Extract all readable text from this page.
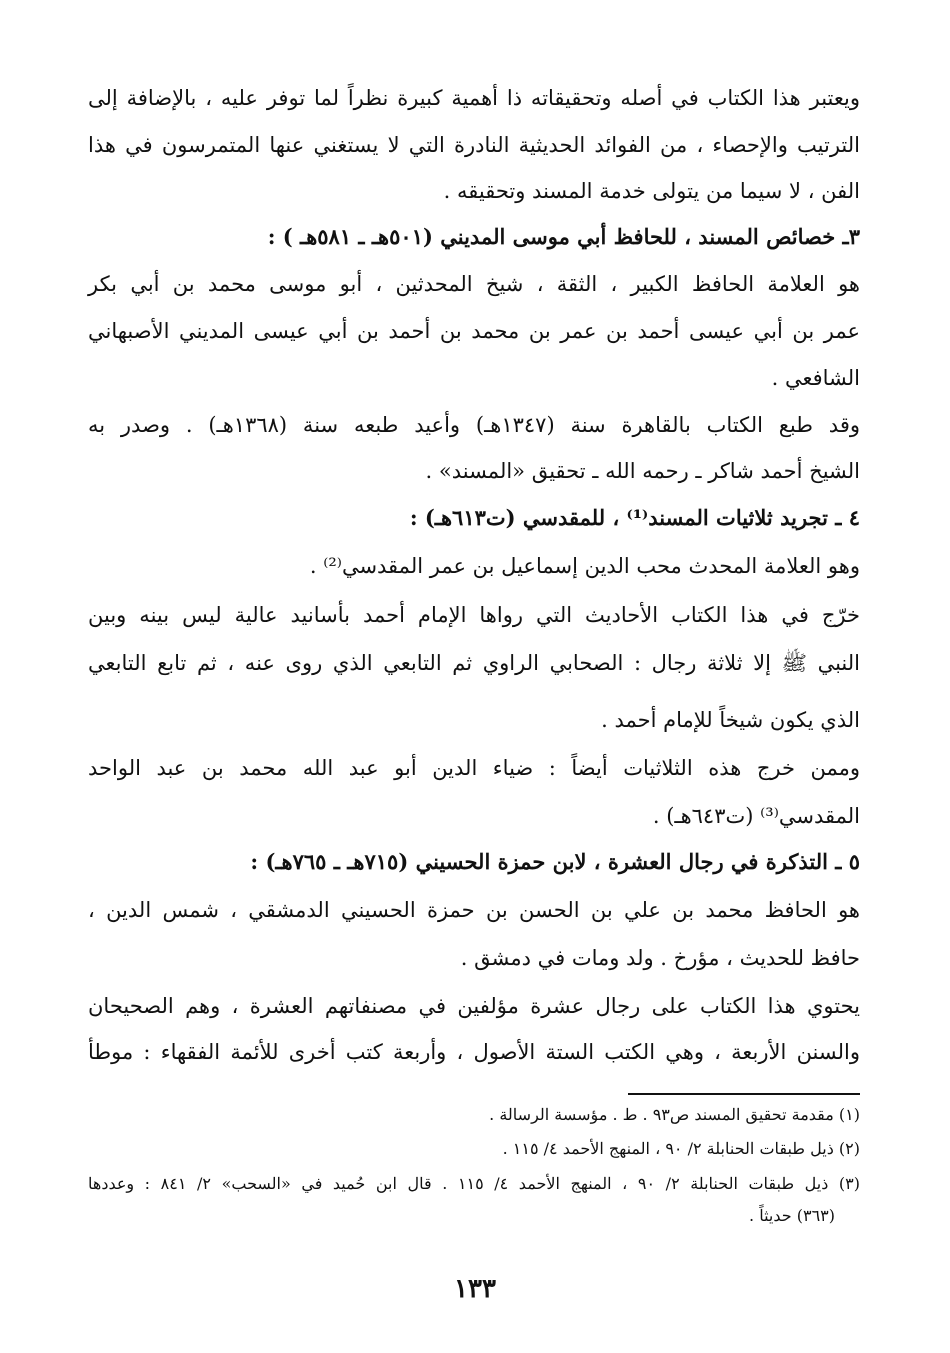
ويعتبر هذا الكتاب في أصله وتحقيقاته ذا أهمية كبيرة نظراً لما توفر عليه ، بالإضافة إلى
الترتيب والإحصاء ، من الفوائد الحديثية النادرة التي لا يستغني عنها المتمرسون في هذا
الفن ، لا سيما من يتولى خدمة المسند وتحقيقه .
٣ـ خصائص المسند ، للحافظ أبي موسى المديني (٥٠١هـ ـ ٥٨١هـ ) :
هو العلامة الحافظ الكبير ، الثقة ، شيخ المحدثين ، أبو موسى محمد بن أبي بكر
عمر بن أبي عيسى أحمد بن عمر بن محمد بن أحمد بن أبي عيسى المديني الأصبهاني
الشافعي .
وقد طبع الكتاب بالقاهرة سنة (١٣٤٧هـ) وأعيد طبعه سنة (١٣٦٨هـ) . وصدر به
الشيخ أحمد شاكر ـ رحمه الله ـ تحقيق «المسند» .
٤ ـ تجريد ثلاثيات المسند⁽¹⁾ ، للمقدسي (ت٦١٣هـ) :
وهو العلامة المحدث محب الدين إسماعيل بن عمر المقدسي⁽²⁾ .
خرّج في هذا الكتاب الأحاديث التي رواها الإمام أحمد بأسانيد عالية ليس بينه وبين
النبي ﷺ إلا ثلاثة رجال : الصحابي الراوي ثم التابعي الذي روى عنه ، ثم تابع التابعي
الذي يكون شيخاً للإمام أحمد .
وممن خرج هذه الثلاثيات أيضاً : ضياء الدين أبو عبد الله محمد بن عبد الواحد
المقدسي⁽³⁾ (ت٦٤٣هـ) .
٥ ـ التذكرة في رجال العشرة ، لابن حمزة الحسيني (٧١٥هـ ـ ٧٦٥هـ) :
هو الحافظ محمد بن علي بن الحسن بن حمزة الحسيني الدمشقي ، شمس الدين ،
حافظ للحديث ، مؤرخ . ولد ومات في دمشق .
يحتوي هذا الكتاب على رجال عشرة مؤلفين في مصنفاتهم العشرة ، وهم الصحيحان
والسنن الأربعة ، وهي الكتب الستة الأصول ، وأربعة كتب أخرى للأئمة الفقهاء : موطأ
(١) مقدمة تحقيق المسند ص٩٣ . ط . مؤسسة الرسالة .
(٢) ذيل طبقات الحنابلة ٢/ ٩٠ ، المنهج الأحمد ٤/ ١١٥ .
(٣) ذيل طبقات الحنابلة ٢/ ٩٠ ، المنهج الأحمد ٤/ ١١٥ . قال ابن حُميد في «السحب» ٢/ ٨٤١ : وعددها
(٣٦٣) حديثاً .
١٣٣
